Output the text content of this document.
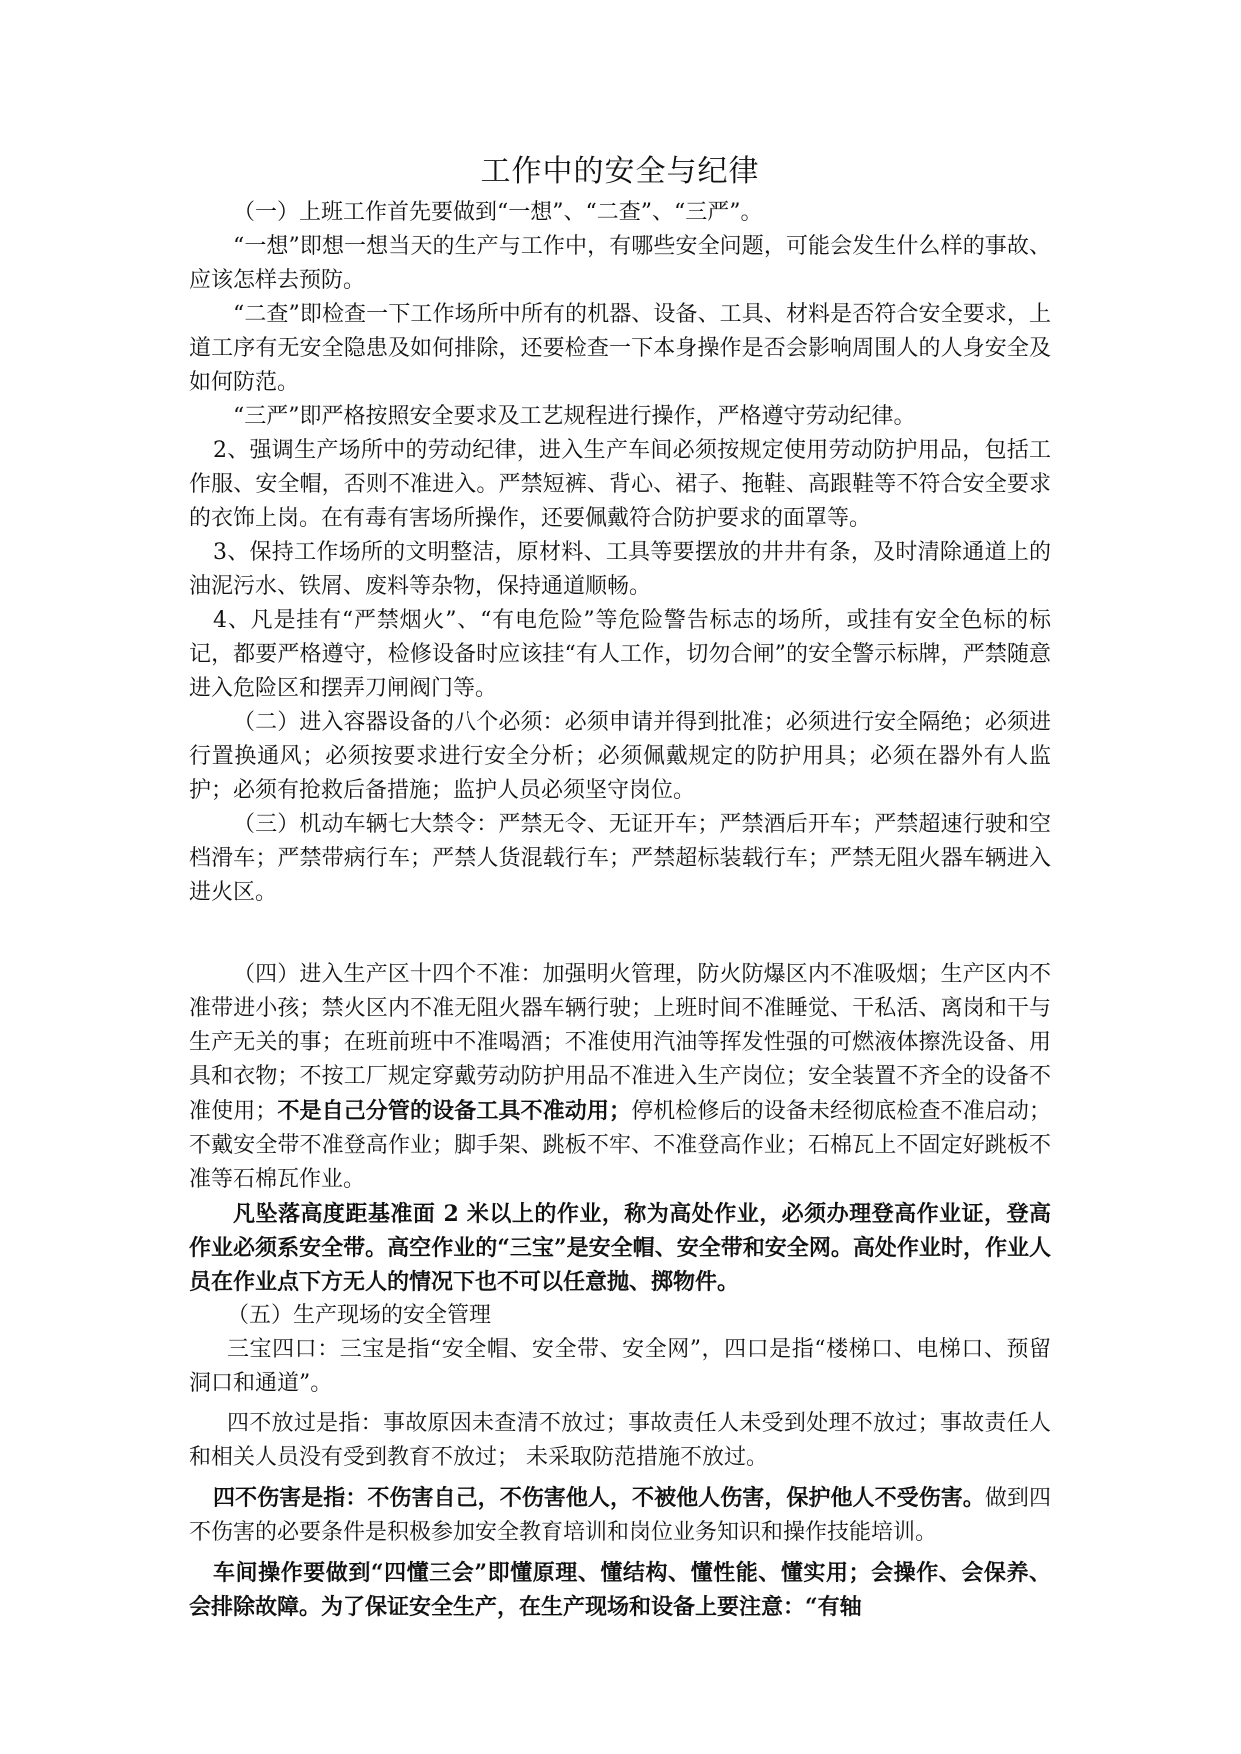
工作中的安全与纪律

（一）上班工作首先要做到“一想”、“二查”、“三严”。

“一想”即想一想当天的生产与工作中，有哪些安全问题，可能会发生什么样的事故、应该怎样去预防。

“二查”即检查一下工作场所中所有的机器、设备、工具、材料是否符合安全要求，上道工序有无安全隐患及如何排除，还要检查一下本身操作是否会影响周围人的人身安全及如何防范。

“三严”即严格按照安全要求及工艺规程进行操作，严格遵守劳动纪律。

2、强调生产场所中的劳动纪律，进入生产车间必须按规定使用劳动防护用品，包括工作服、安全帽，否则不准进入。严禁短裤、背心、裙子、拖鞋、高跟鞋等不符合安全要求的衣饰上岗。在有毒有害场所操作，还要佩戴符合防护要求的面罩等。

3、保持工作场所的文明整洁，原材料、工具等要摆放的井井有条，及时清除通道上的油泥污水、铁屑、废料等杂物，保持通道顺畅。

4、凡是挂有“严禁烟火”、“有电危险”等危险警告标志的场所，或挂有安全色标的标记，都要严格遵守，检修设备时应该挂“有人工作，切勿合闸”的安全警示标牌，严禁随意进入危险区和摆弄刀闸阀门等。

（二）进入容器设备的八个必须：必须申请并得到批准；必须进行安全隔绝；必须进行置换通风；必须按要求进行安全分析；必须佩戴规定的防护用具；必须在器外有人监护；必须有抢救后备措施；监护人员必须坚守岗位。

（三）机动车辆七大禁令：严禁无令、无证开车；严禁酒后开车；严禁超速行驶和空档滑车；严禁带病行车；严禁人货混载行车；严禁超标装载行车；严禁无阻火器车辆进入进火区。

（四）进入生产区十四个不准：加强明火管理，防火防爆区内不准吸烟；生产区内不准带进小孩；禁火区内不准无阻火器车辆行驶；上班时间不准睡觉、干私活、离岗和干与生产无关的事；在班前班中不准喝酒；不准使用汽油等挥发性强的可燃液体擦洗设备、用具和衣物；不按工厂规定穿戴劳动防护用品不准进入生产岗位；安全装置不齐全的设备不准使用；不是自己分管的设备工具不准动用；停机检修后的设备未经彻底检查不准启动；不戴安全带不准登高作业；脚手架、跳板不牢、不准登高作业；石棉瓦上不固定好跳板不准等石棉瓦作业。

凡坠落高度距基准面 2 米以上的作业，称为高处作业，必须办理登高作业证，登高作业必须系安全带。高空作业的“三宝”是安全帽、安全带和安全网。高处作业时，作业人员在作业点下方无人的情况下也不可以任意抛、掷物件。

（五）生产现场的安全管理

三宝四口：三宝是指“安全帽、安全带、安全网”，四口是指“楼梯口、电梯口、预留洞口和通道”。

四不放过是指：事故原因未查清不放过；事故责任人未受到处理不放过；事故责任人和相关人员没有受到教育不放过； 未采取防范措施不放过。

四不伤害是指：不伤害自己，不伤害他人，不被他人伤害，保护他人不受伤害。做到四不伤害的必要条件是积极参加安全教育培训和岗位业务知识和操作技能培训。

车间操作要做到“四懂三会”即懂原理、懂结构、懂性能、懂实用；会操作、会保养、会排除故障。为了保证安全生产，在生产现场和设备上要注意：“有轴
